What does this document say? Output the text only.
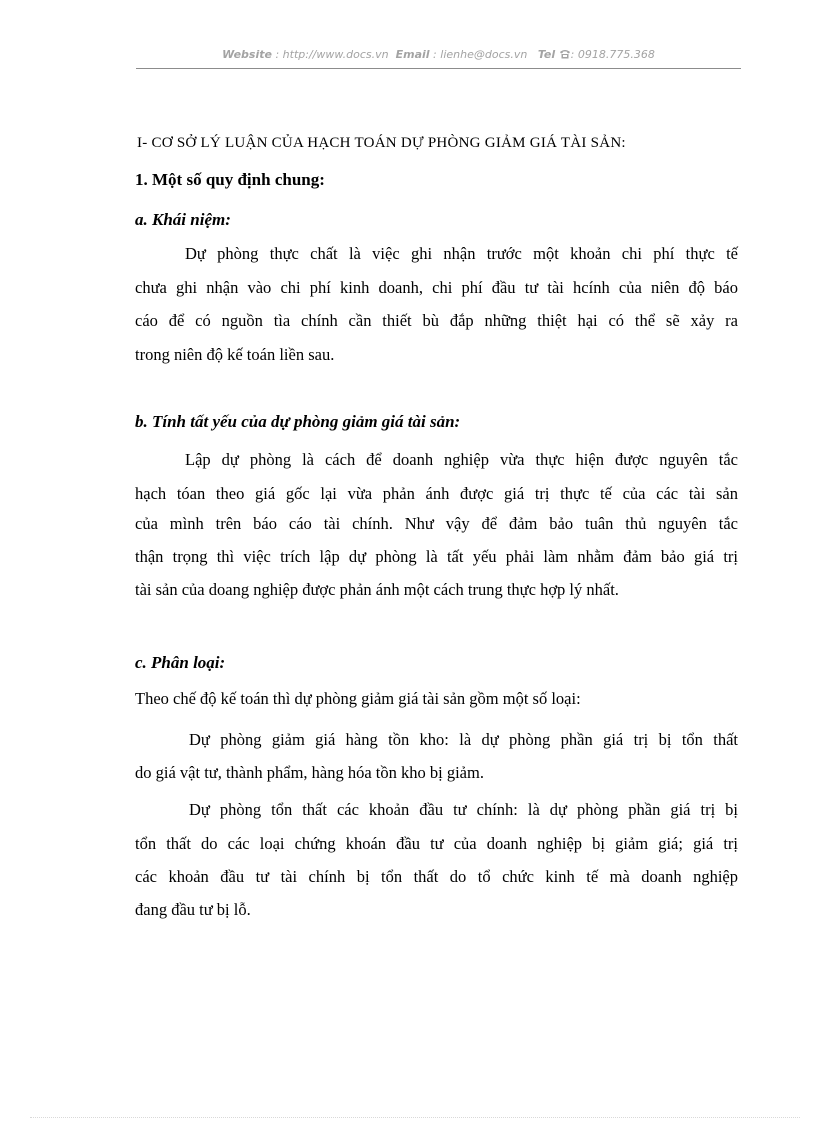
Website : http://www.docs.vn Email : lienhe@docs.vn Tel : 0918.775.368

I- CƠ SỞ LÝ LUẬN CỦA HẠCH TOÁN DỰ PHÒNG GIẢM GIÁ TÀI SẢN:

1. Một số quy định chung:

a. Khái niệm:

Dự phòng thực chất là việc ghi nhận trước một khoản chi phí thực tế

chưa ghi nhận vào chi phí kinh doanh, chi phí đầu tư tài hcính của niên độ báo

cáo để có nguồn tìa chính cần thiết bù đắp những thiệt hại có thể sẽ xảy ra

trong niên độ kế toán liền sau.

b. Tính tất yếu của dự phòng giảm giá tài sản:

Lập dự phòng là cách để doanh nghiệp vừa thực hiện được nguyên tắc

hạch tóan theo giá gốc lại vừa phản ánh được giá trị thực tế của các tài sản

của mình trên báo cáo tài chính. Như vậy để đảm bảo tuân thủ nguyên tắc

thận trọng thì việc trích lập dự phòng là tất yếu phải làm nhằm đảm bảo giá trị

tài sản của doang nghiệp được phản ánh một cách trung thực hợp lý nhất.

c. Phân loại:

Theo chế độ kế toán thì dự phòng giảm giá tài sản gồm một số loại:

Dự phòng giảm giá hàng tồn kho: là dự phòng phần giá trị bị tổn thất

do giá vật tư, thành phẩm, hàng hóa tồn kho bị giảm.

Dự phòng tổn thất các khoản đầu tư chính: là dự phòng phần giá trị bị

tổn thất do các loại chứng khoán đầu tư của doanh nghiệp bị giảm giá; giá trị

các khoản đầu tư tài chính bị tổn thất do tổ chức kinh tế mà doanh nghiệp

đang đầu tư bị lỗ.
